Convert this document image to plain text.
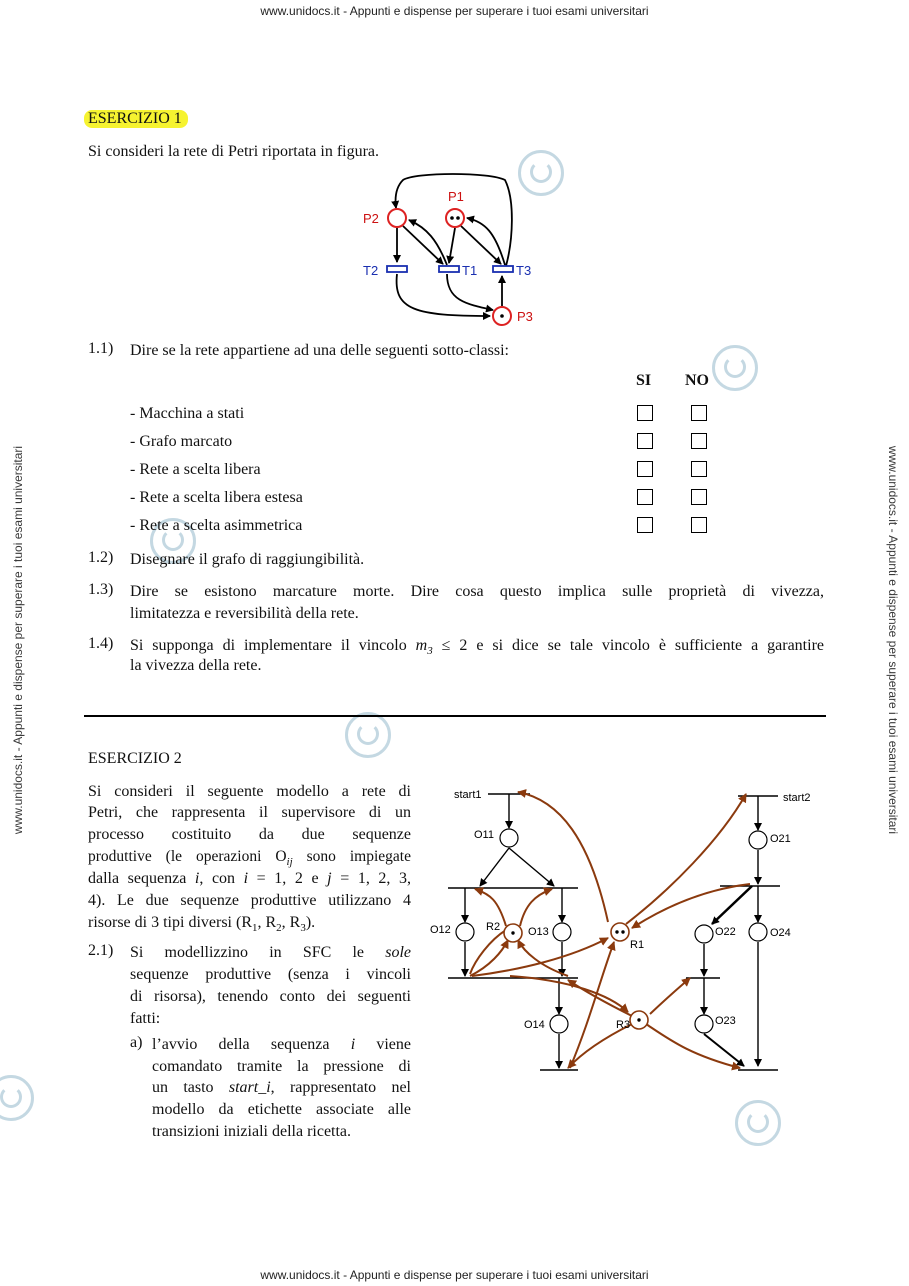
www.unidocs.it - Appunti e dispense per superare i tuoi esami universitari
www.unidocs.it - Appunti e dispense per superare i tuoi esami universitari
www.unidocs.it - Appunti e dispense per superare i tuoi esami universitari	www.unidocs.it - Appunti e dispense per superare i tuoi esami universitari
ESERCIZIO 1
Si consideri la rete di Petri riportata in figura.
P1
P2
P3
T1
T2	T3
1.1) Dire se la rete appartiene ad una delle seguenti sotto-classi:
SI NO
- Macchina a stati
- Grafo marcato
- Rete a scelta libera
- Rete a scelta libera estesa
- Rete a scelta asimmetrica
1.2) Disegnare il grafo di raggiungibilità.
1.3) Dire se esistono marcature morte. Dire cosa questo implica sulle proprietà di vivezza,
limitatezza e reversibilità della rete.
1.4) Si supponga di implementare il vincolo $m_3 \le 2$ e si dice se tale vincolo è sufficiente a garantire
la vivezza della rete.
ESERCIZIO 2
Si consideri il seguente modello a rete di
Petri, che rappresenta il supervisore di un
processo costituito da due sequenze
produttive (le operazioni $O_{ij}$ sono impiegate
dalla sequenza i, con i = 1, 2 e j = 1, 2, 3,
4). Le due sequenze produttive utilizzano 4
risorse di 3 tipi diversi ($R_1$, $R_2$, $R_3$).
2.1) Si modellizzino in SFC le sole
sequenze produttive (senza i vincoli
di risorsa), tenendo conto dei seguenti
fatti:
a) l’avvio della sequenza i viene
comandato tramite la pressione di
un tasto start_i, rappresentato nel
modello da etichette associate alle
transizioni iniziali della ricetta.
start1	start2
O11
O12	O13
O14
O21
O22
O23
O24
R1
R2
R3
